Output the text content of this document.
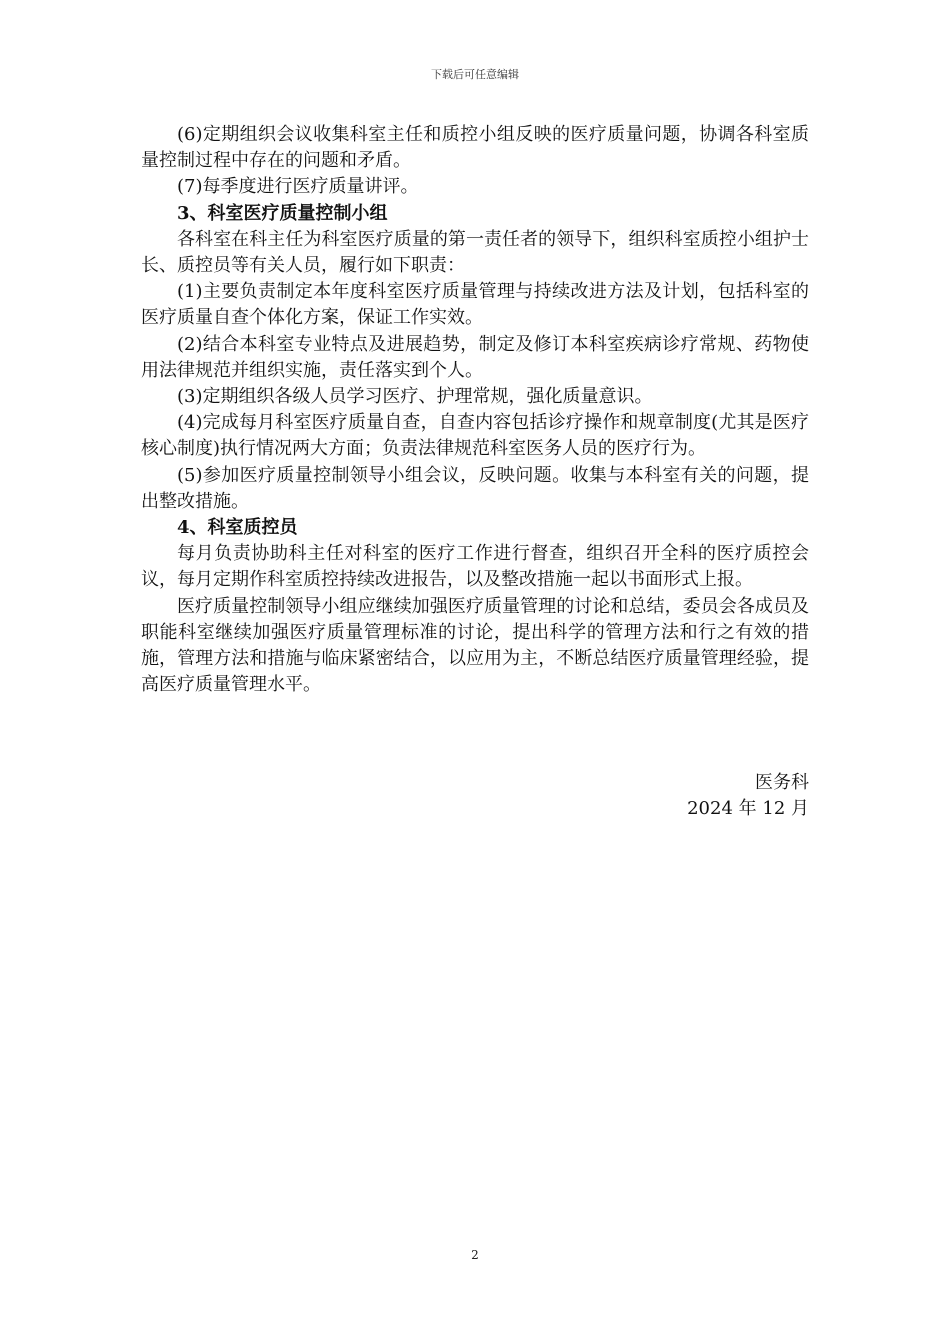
下载后可任意编辑

(6)定期组织会议收集科室主任和质控小组反映的医疗质量问题，协调各科室质量控制过程中存在的问题和矛盾。

(7)每季度进行医疗质量讲评。

3、科室医疗质量控制小组

各科室在科主任为科室医疗质量的第一责任者的领导下，组织科室质控小组护士长、质控员等有关人员，履行如下职责：

(1)主要负责制定本年度科室医疗质量管理与持续改进方法及计划，包括科室的医疗质量自查个体化方案，保证工作实效。

(2)结合本科室专业特点及进展趋势，制定及修订本科室疾病诊疗常规、药物使用法律规范并组织实施，责任落实到个人。

(3)定期组织各级人员学习医疗、护理常规，强化质量意识。

(4)完成每月科室医疗质量自查，自查内容包括诊疗操作和规章制度(尤其是医疗核心制度)执行情况两大方面；负责法律规范科室医务人员的医疗行为。

(5)参加医疗质量控制领导小组会议，反映问题。收集与本科室有关的问题，提出整改措施。

4、科室质控员

每月负责协助科主任对科室的医疗工作进行督查，组织召开全科的医疗质控会议，每月定期作科室质控持续改进报告，以及整改措施一起以书面形式上报。

医疗质量控制领导小组应继续加强医疗质量管理的讨论和总结，委员会各成员及职能科室继续加强医疗质量管理标准的讨论，提出科学的管理方法和行之有效的措施，管理方法和措施与临床紧密结合，以应用为主，不断总结医疗质量管理经验，提高医疗质量管理水平。

医务科
2024 年 12 月
2
